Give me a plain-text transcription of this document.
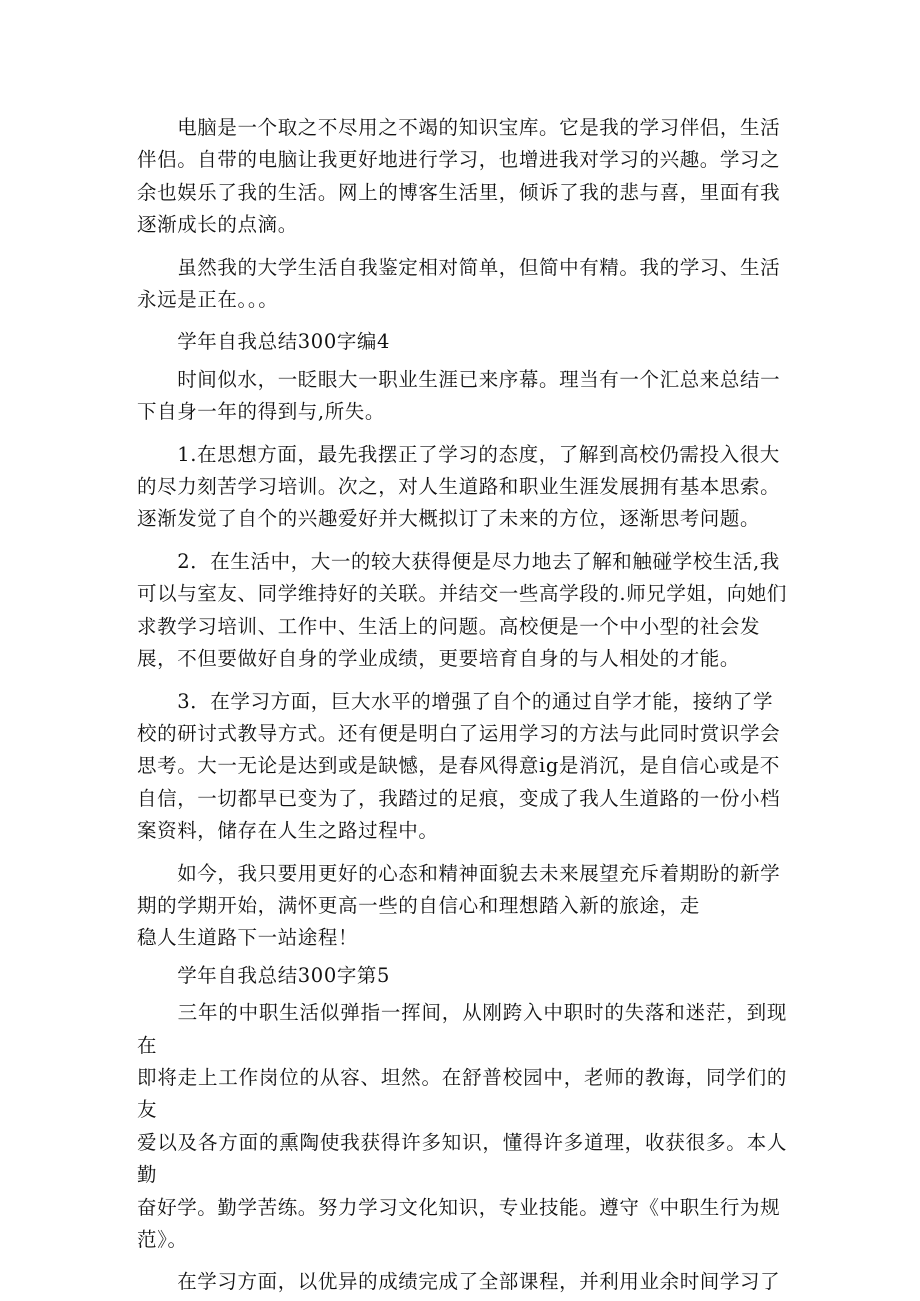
　　电脑是一个取之不尽用之不竭的知识宝库。它是我的学习伴侣，生活
伴侣。自带的电脑让我更好地进行学习，也增进我对学习的兴趣。学习之
余也娱乐了我的生活。网上的博客生活里，倾诉了我的悲与喜，里面有我
逐渐成长的点滴。

　　虽然我的大学生活自我鉴定相对简单，但简中有精。我的学习、生活
永远是正在。。。

　　学年自我总结300字编4

　　时间似水，一眨眼大一职业生涯已来序幕。理当有一个汇总来总结一
下自身一年的得到与,所失。

　　1.在思想方面，最先我摆正了学习的态度，了解到高校仍需投入很大
的尽力刻苦学习培训。次之，对人生道路和职业生涯发展拥有基本思索。
逐渐发觉了自个的兴趣爱好并大概拟订了未来的方位，逐渐思考问题。

　　2．在生活中，大一的较大获得便是尽力地去了解和触碰学校生活,我
可以与室友、同学维持好的关联。并结交一些高学段的.师兄学姐，向她们
求教学习培训、工作中、生活上的问题。高校便是一个中小型的社会发
展，不但要做好自身的学业成绩，更要培育自身的与人相处的才能。

　　3．在学习方面，巨大水平的增强了自个的通过自学才能，接纳了学
校的研讨式教导方式。还有便是明白了运用学习的方法与此同时赏识学会
思考。大一无论是达到或是缺憾，是春风得意ig是消沉，是自信心或是不
自信，一切都早已变为了，我踏过的足痕，变成了我人生道路的一份小档
案资料，储存在人生之路过程中。

　　如今，我只要用更好的心态和精神面貌去未来展望充斥着期盼的新学
期的学期开始，满怀更高一些的自信心和理想踏入新的旅途，走
稳人生道路下一站途程！

　　学年自我总结300字第5

　　三年的中职生活似弹指一挥间，从刚跨入中职时的失落和迷茫，到现在
即将走上工作岗位的从容、坦然。在舒普校园中，老师的教诲，同学们的友
爱以及各方面的熏陶使我获得许多知识，懂得许多道理，收获很多。本人勤
奋好学。勤学苦练。努力学习文化知识，专业技能。遵守《中职生行为规
范》。

　　在学习方面，以优异的成绩完成了全部课程，并利用业余时间学习了
